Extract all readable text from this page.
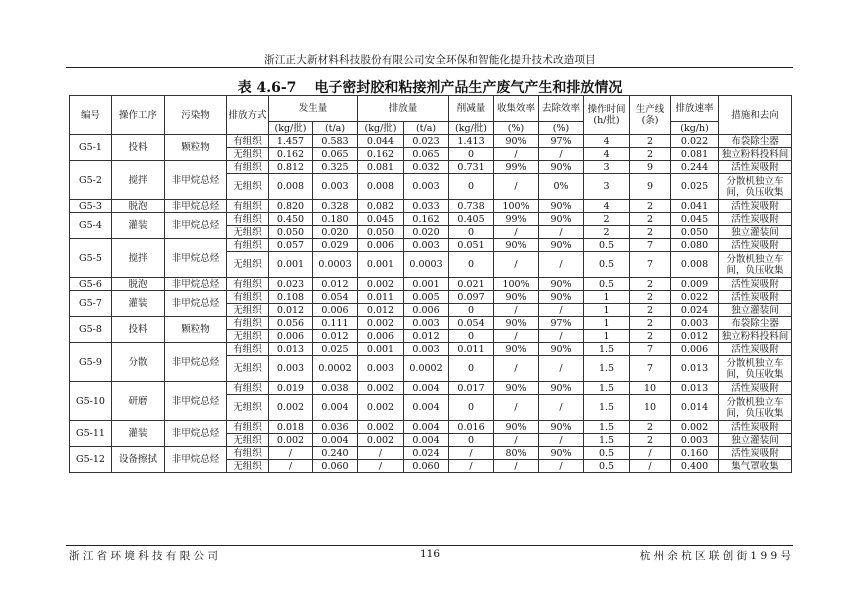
浙江正大新材料科技股份有限公司安全环保和智能化提升技术改造项目
表 4.6-7 电子密封胶和粘接剂产品生产废气产生和排放情况
编号	操作工序	污染物	排放方式	发生量		排放量		削减量	收集效率	去除效率	操作时间(h/批)	生产线(条)	排放速率	措施和去向
				(kg/批)	(t/a)	(kg/批)	(t/a)	(kg/批)	(%)	(%)			(kg/h)	
G5-1	投料	颗粒物	有组织	1.457	0.583	0.044	0.023	1.413	90%	97%	4	2	0.022	布袋除尘器
			无组织	0.162	0.065	0.162	0.065	0	/	/	4	2	0.081	独立粉料投料间
G5-2	搅拌	非甲烷总烃	有组织	0.812	0.325	0.081	0.032	0.731	99%	90%	3	9	0.244	活性炭吸附
			无组织	0.008	0.003	0.008	0.003	0	/	0%	3	9	0.025	分散机独立车间，负压收集
G5-3	脱泡	非甲烷总烃	有组织	0.820	0.328	0.082	0.033	0.738	100%	90%	4	2	0.041	活性炭吸附
G5-4	灌装	非甲烷总烃	有组织	0.450	0.180	0.045	0.162	0.405	99%	90%	2	2	0.045	活性炭吸附
			无组织	0.050	0.020	0.050	0.020	0	/	/	2	2	0.050	独立灌装间
G5-5	搅拌	非甲烷总烃	有组织	0.057	0.029	0.006	0.003	0.051	90%	90%	0.5	7	0.080	活性炭吸附
			无组织	0.001	0.0003	0.001	0.0003	0	/	/	0.5	7	0.008	分散机独立车间，负压收集
G5-6	脱泡	非甲烷总烃	有组织	0.023	0.012	0.002	0.001	0.021	100%	90%	0.5	2	0.009	活性炭吸附
G5-7	灌装	非甲烷总烃	有组织	0.108	0.054	0.011	0.005	0.097	90%	90%	1	2	0.022	活性炭吸附
			无组织	0.012	0.006	0.012	0.006	0	/	/	1	2	0.024	独立灌装间
G5-8	投料	颗粒物	有组织	0.056	0.111	0.002	0.003	0.054	90%	97%	1	2	0.003	布袋除尘器
			无组织	0.006	0.012	0.006	0.012	0	/	/	1	2	0.012	独立粉料投料间
G5-9	分散	非甲烷总烃	有组织	0.013	0.025	0.001	0.003	0.011	90%	90%	1.5	7	0.006	活性炭吸附
			无组织	0.003	0.0002	0.003	0.0002	0	/	/	1.5	7	0.013	分散机独立车间，负压收集
G5-10	研磨	非甲烷总烃	有组织	0.019	0.038	0.002	0.004	0.017	90%	90%	1.5	10	0.013	活性炭吸附
			无组织	0.002	0.004	0.002	0.004	0	/	/	1.5	10	0.014	分散机独立车间，负压收集
G5-11	灌装	非甲烷总烃	有组织	0.018	0.036	0.002	0.004	0.016	90%	90%	1.5	2	0.002	活性炭吸附
			无组织	0.002	0.004	0.002	0.004	0	/	/	1.5	2	0.003	独立灌装间
G5-12	设备擦拭	非甲烷总烃	有组织	/	0.240	/	0.024	/	80%	90%	0.5	/	0.160	活性炭吸附
			无组织	/	0.060	/	0.060	/	/	/	0.5	/	0.400	集气罩收集
浙 江 省 环 境 科 技 有 限 公 司	116	杭 州 余 杭 区 联 创 街 1 9 9 号
